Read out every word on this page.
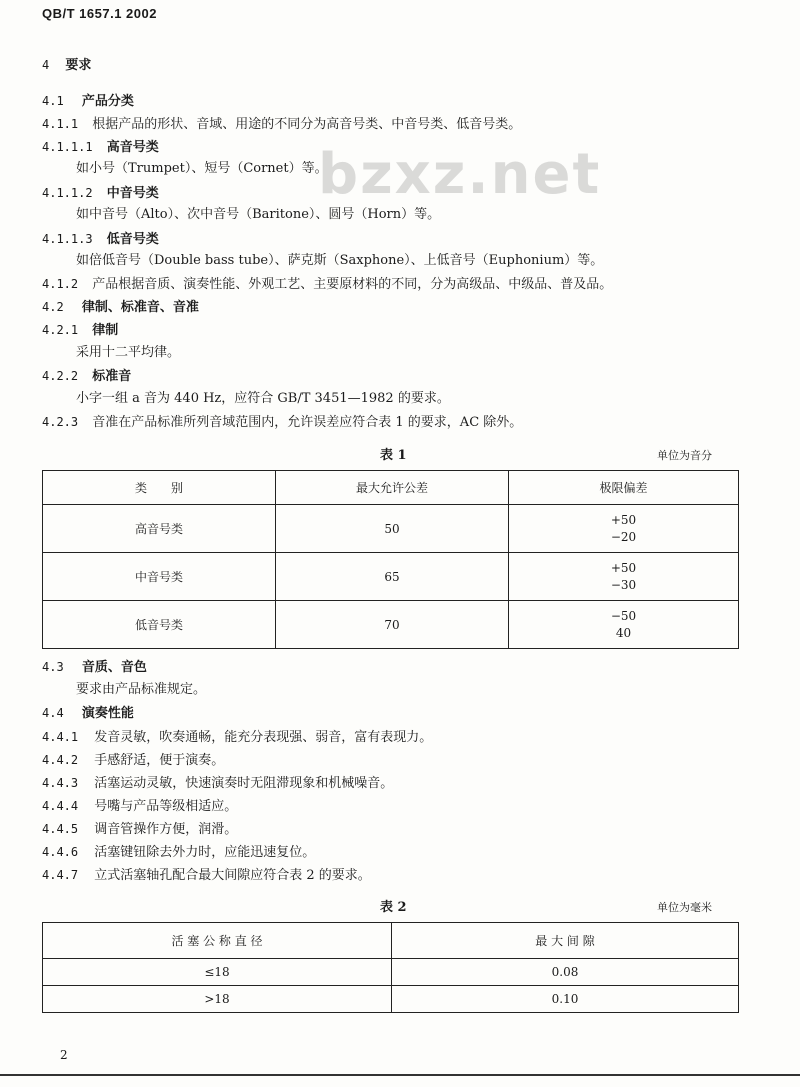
QB/T 1657.1 2002
bzxz.net
4 要求
4.1 产品分类
4.1.1 根据产品的形状、音域、用途的不同分为高音号类、中音号类、低音号类。
4.1.1.1 高音号类
如小号（Trumpet）、短号（Cornet）等。
4.1.1.2 中音号类
如中音号（Alto）、次中音号（Baritone）、圆号（Horn）等。
4.1.1.3 低音号类
如倍低音号（Double bass tube）、萨克斯（Saxphone）、上低音号（Euphonium）等。
4.1.2 产品根据音质、演奏性能、外观工艺、主要原材料的不同，分为高级品、中级品、普及品。
4.2 律制、标准音、音准
4.2.1 律制
采用十二平均律。
4.2.2 标准音
小字一组 a 音为 440 Hz，应符合 GB/T 3451—1982 的要求。
4.2.3 音准在产品标准所列音域范围内，允许误差应符合表 1 的要求，AC 除外。
表 1	单位为音分
类　　别	最大允许公差	极限偏差
高音号类	50	+50
−20

中音号类	65	+50
−30

低音号类	70	−50
40
4.3 音质、音色
要求由产品标准规定。
4.4 演奏性能
4.4.1 发音灵敏，吹奏通畅，能充分表现强、弱音，富有表现力。
4.4.2 手感舒适，便于演奏。
4.4.3 活塞运动灵敏，快速演奏时无阻滞现象和机械噪音。
4.4.4 号嘴与产品等级相适应。
4.4.5 调音管操作方便，润滑。
4.4.6 活塞键钮除去外力时，应能迅速复位。
4.4.7 立式活塞轴孔配合最大间隙应符合表 2 的要求。
表 2	单位为毫米
活 塞 公 称 直 径	最 大 间 隙
≤18	0.08
>18	0.10
2
